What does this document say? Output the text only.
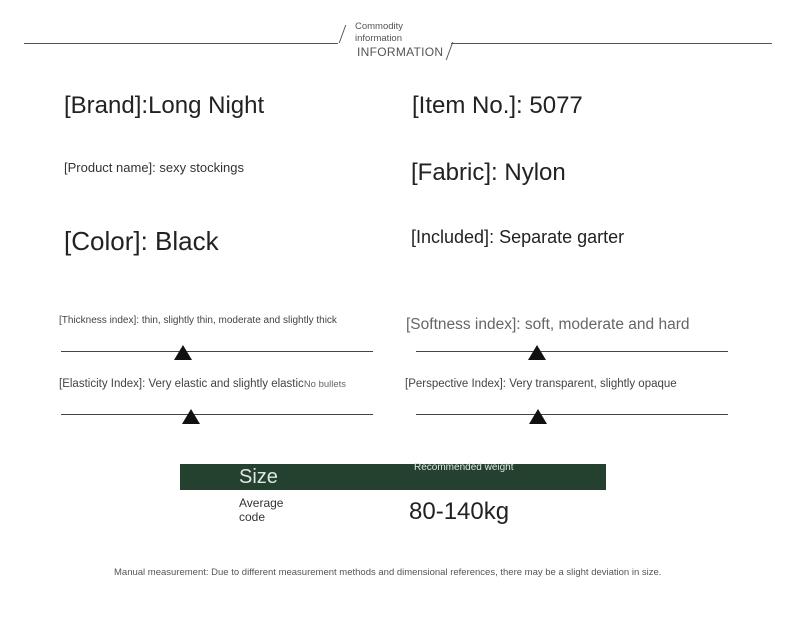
Commodity
information
INFORMATION
[Brand]:Long Night	[Item No.]: 5077
[Product name]: sexy stockings	[Fabric]: Nylon
[Color]: Black	[Included]: Separate garter
[Thickness index]: thin, slightly thin, moderate and slightly thick	[Softness index]: soft, moderate and hard
[Elasticity Index]: Very elastic and slightly elasticNo bullets	[Perspective Index]: Very transparent, slightly opaque
Size	Recommended weight
Average code	80-140kg
Manual measurement: Due to different measurement methods and dimensional references, there may be a slight deviation in size.
